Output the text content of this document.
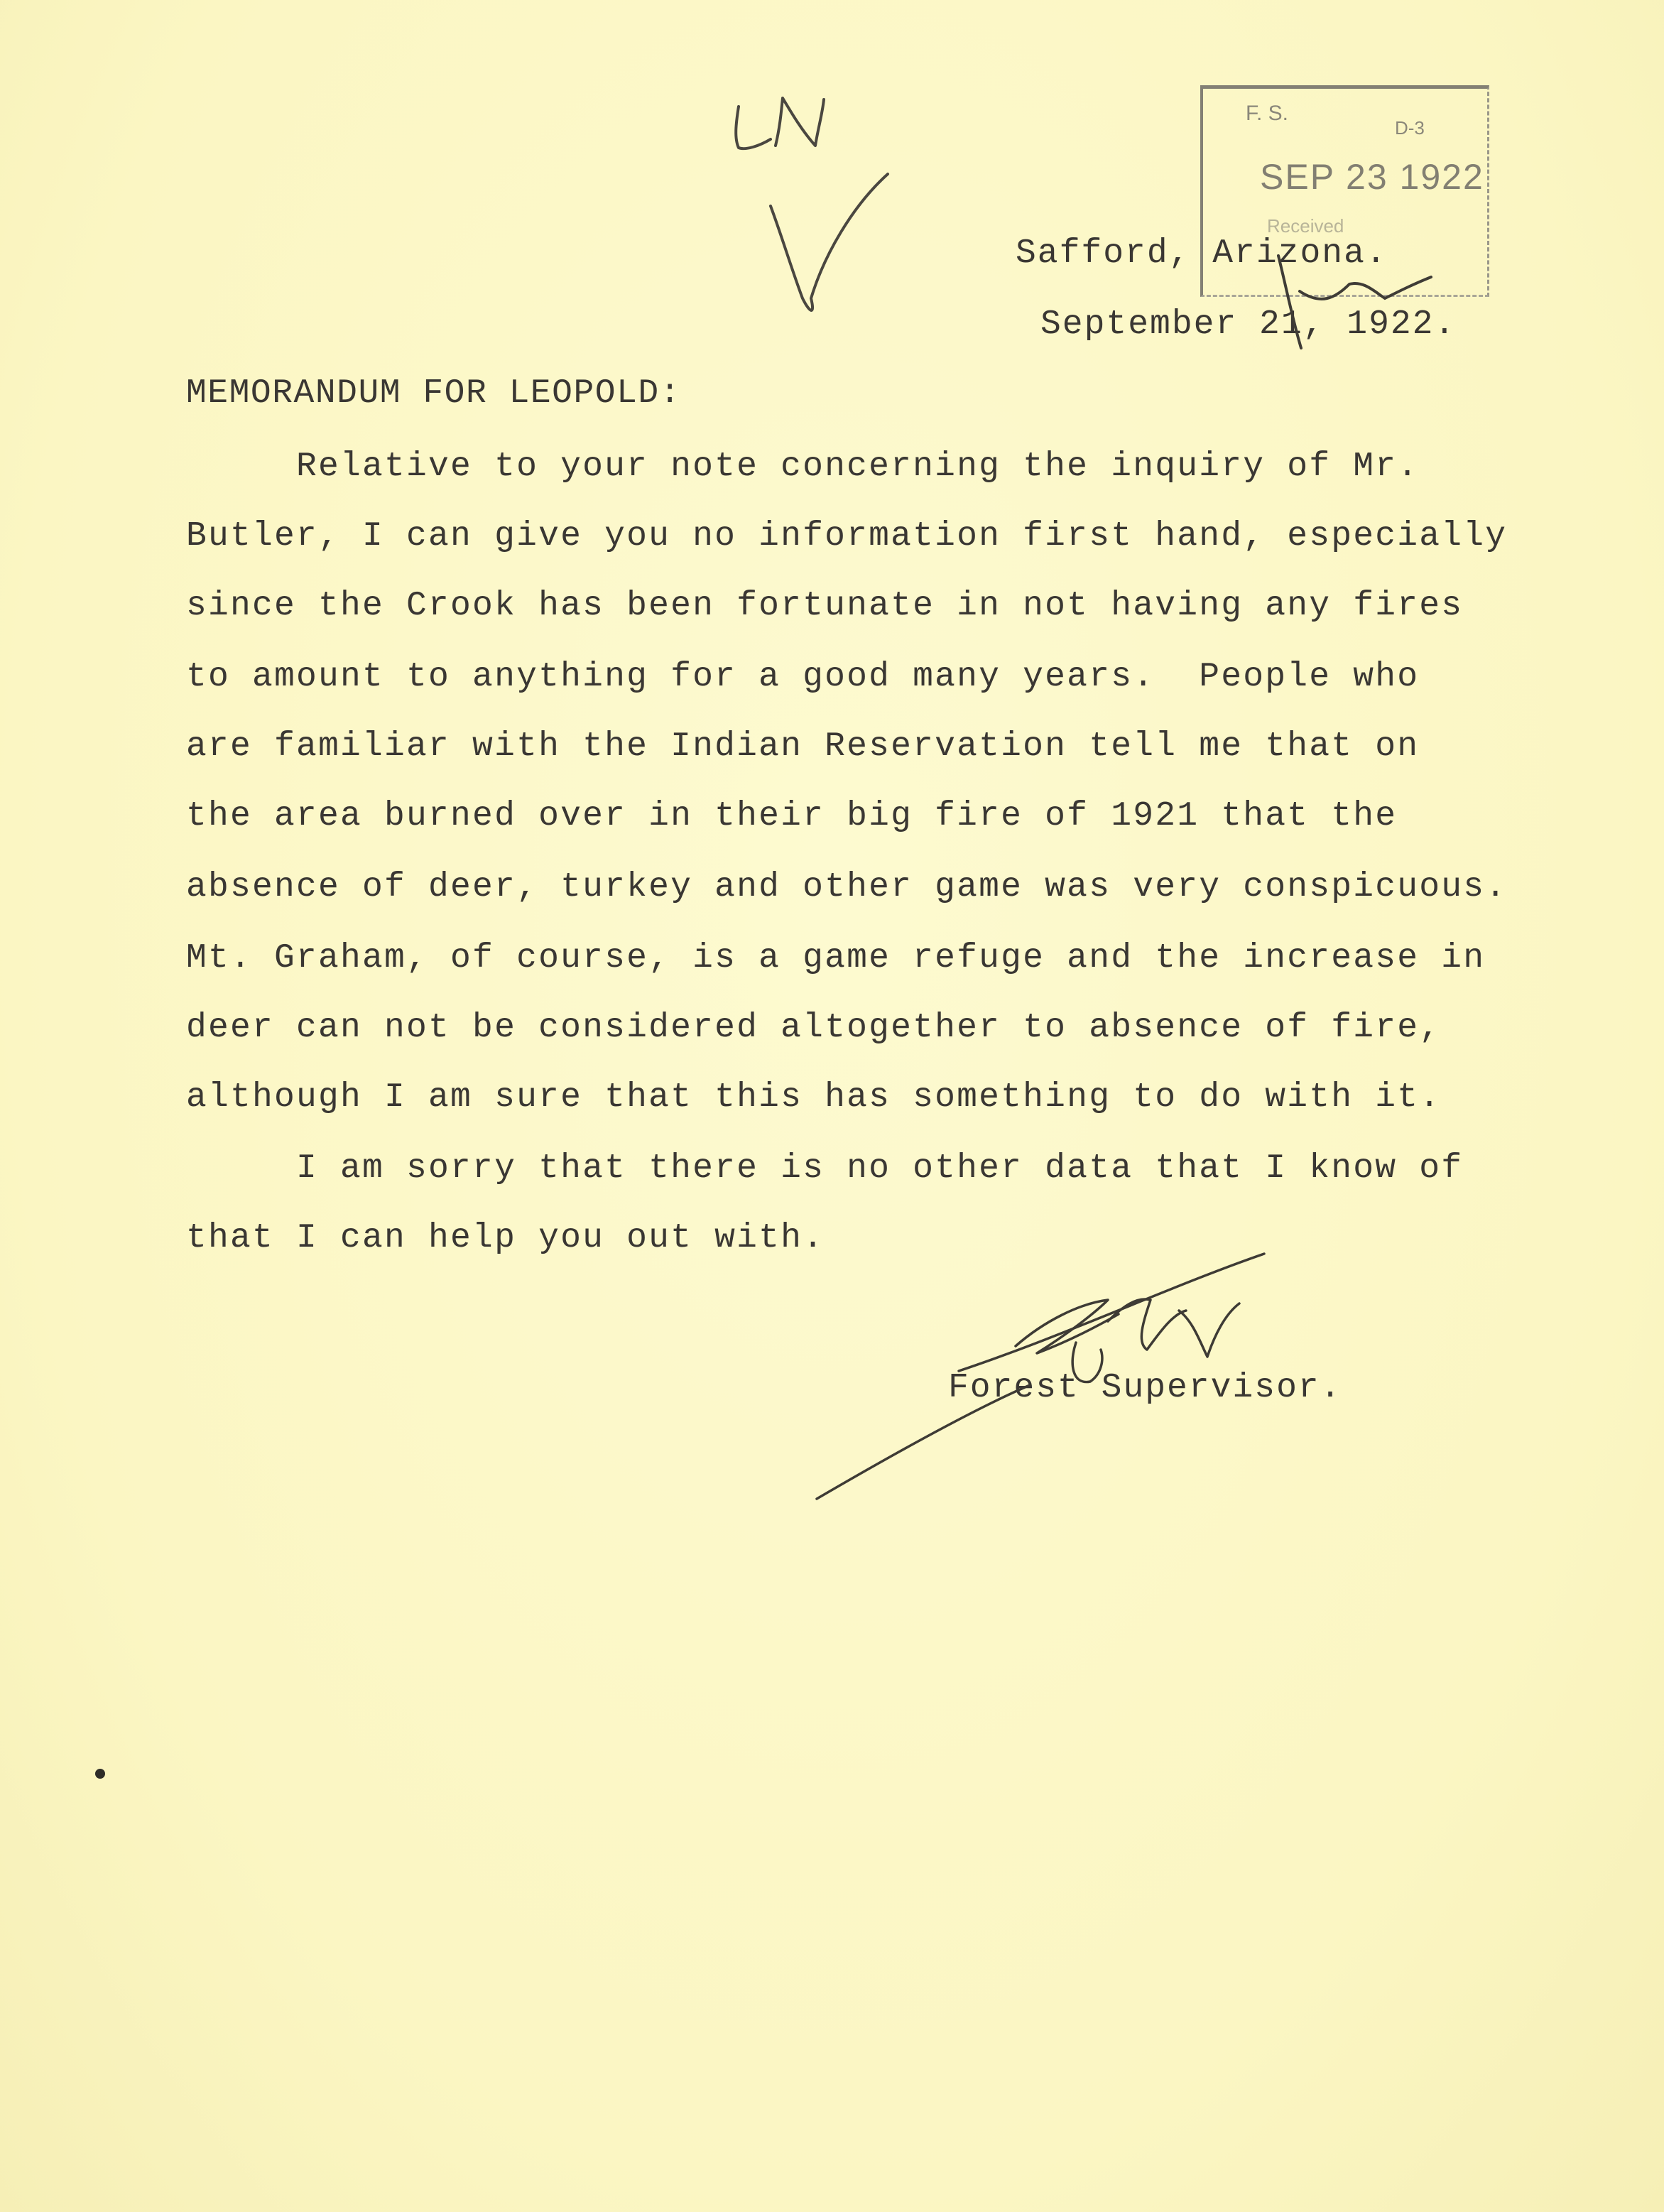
F. S.
D-3
SEP 23 1922
Received
Safford, Arizona.
September 21, 1922.
MEMORANDUM FOR LEOPOLD:
Relative to your note concerning the inquiry of Mr.
Butler, I can give you no information first hand, especially
since the Crook has been fortunate in not having any fires
to amount to anything for a good many years.  People who
are familiar with the Indian Reservation tell me that on
the area burned over in their big fire of 1921 that the
absence of deer, turkey and other game was very conspicuous.
Mt. Graham, of course, is a game refuge and the increase in
deer can not be considered altogether to absence of fire,
although I am sure that this has something to do with it.
I am sorry that there is no other data that I know of
that I can help you out with.
Forest Supervisor.
